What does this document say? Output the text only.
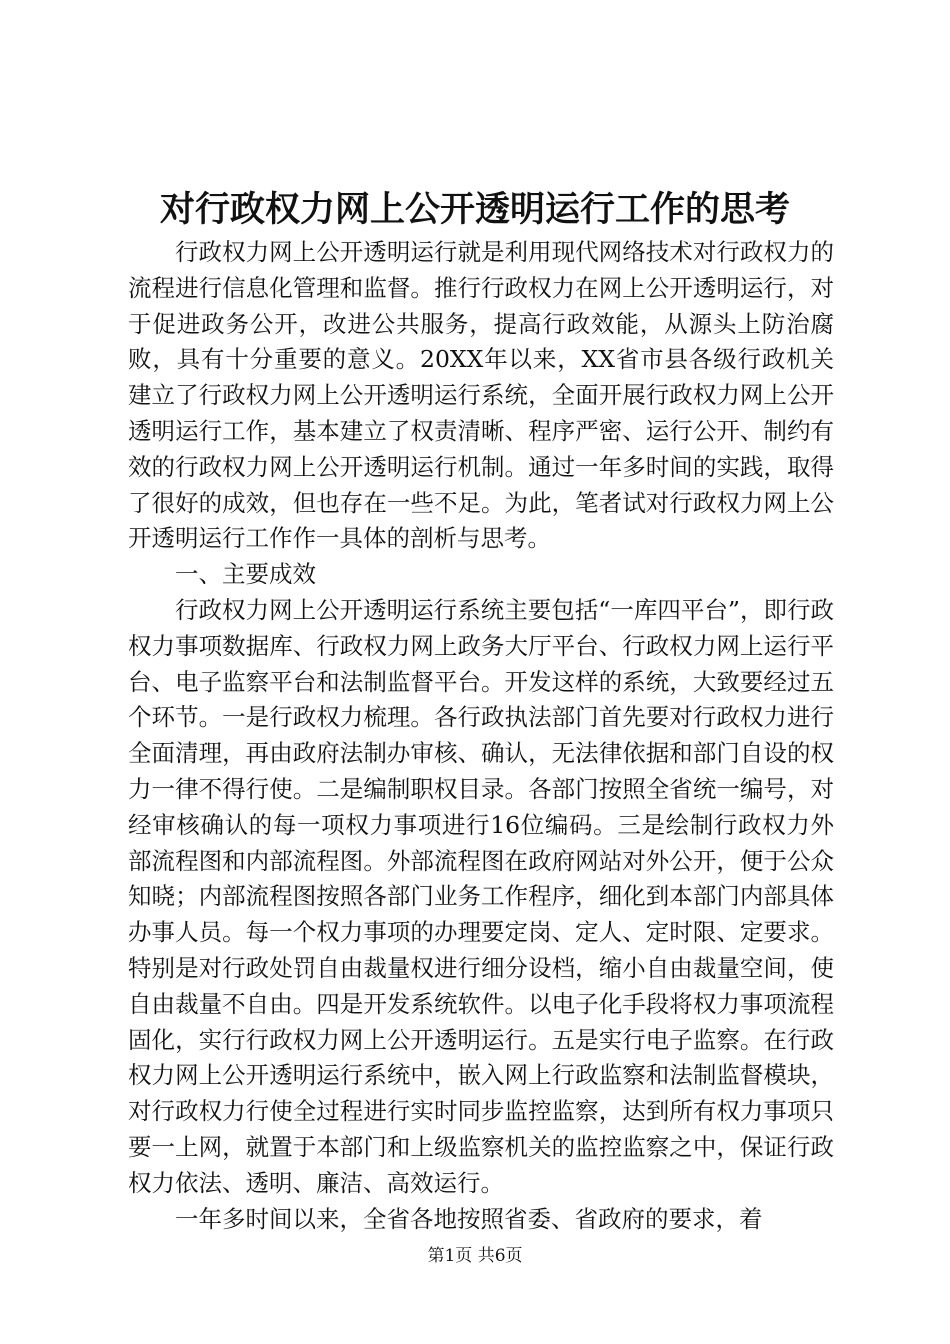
对行政权力网上公开透明运行工作的思考

行政权力网上公开透明运行就是利用现代网络技术对行政权力的流程进行信息化管理和监督。推行行政权力在网上公开透明运行，对于促进政务公开，改进公共服务，提高行政效能，从源头上防治腐败，具有十分重要的意义。20XX年以来，XX省市县各级行政机关建立了行政权力网上公开透明运行系统，全面开展行政权力网上公开透明运行工作，基本建立了权责清晰、程序严密、运行公开、制约有效的行政权力网上公开透明运行机制。通过一年多时间的实践，取得了很好的成效，但也存在一些不足。为此，笔者试对行政权力网上公开透明运行工作作一具体的剖析与思考。

一、主要成效

行政权力网上公开透明运行系统主要包括“一库四平台”，即行政权力事项数据库、行政权力网上政务大厅平台、行政权力网上运行平台、电子监察平台和法制监督平台。开发这样的系统，大致要经过五个环节。一是行政权力梳理。各行政执法部门首先要对行政权力进行全面清理，再由政府法制办审核、确认，无法律依据和部门自设的权力一律不得行使。二是编制职权目录。各部门按照全省统一编号，对经审核确认的每一项权力事项进行16位编码。三是绘制行政权力外部流程图和内部流程图。外部流程图在政府网站对外公开，便于公众知晓；内部流程图按照各部门业务工作程序，细化到本部门内部具体办事人员。每一个权力事项的办理要定岗、定人、定时限、定要求。特别是对行政处罚自由裁量权进行细分设档，缩小自由裁量空间，使自由裁量不自由。四是开发系统软件。以电子化手段将权力事项流程固化，实行行政权力网上公开透明运行。五是实行电子监察。在行政权力网上公开透明运行系统中，嵌入网上行政监察和法制监督模块，对行政权力行使全过程进行实时同步监控监察，达到所有权力事项只要一上网，就置于本部门和上级监察机关的监控监察之中，保证行政权力依法、透明、廉洁、高效运行。

一年多时间以来，全省各地按照省委、省政府的要求，着

第1页 共6页
